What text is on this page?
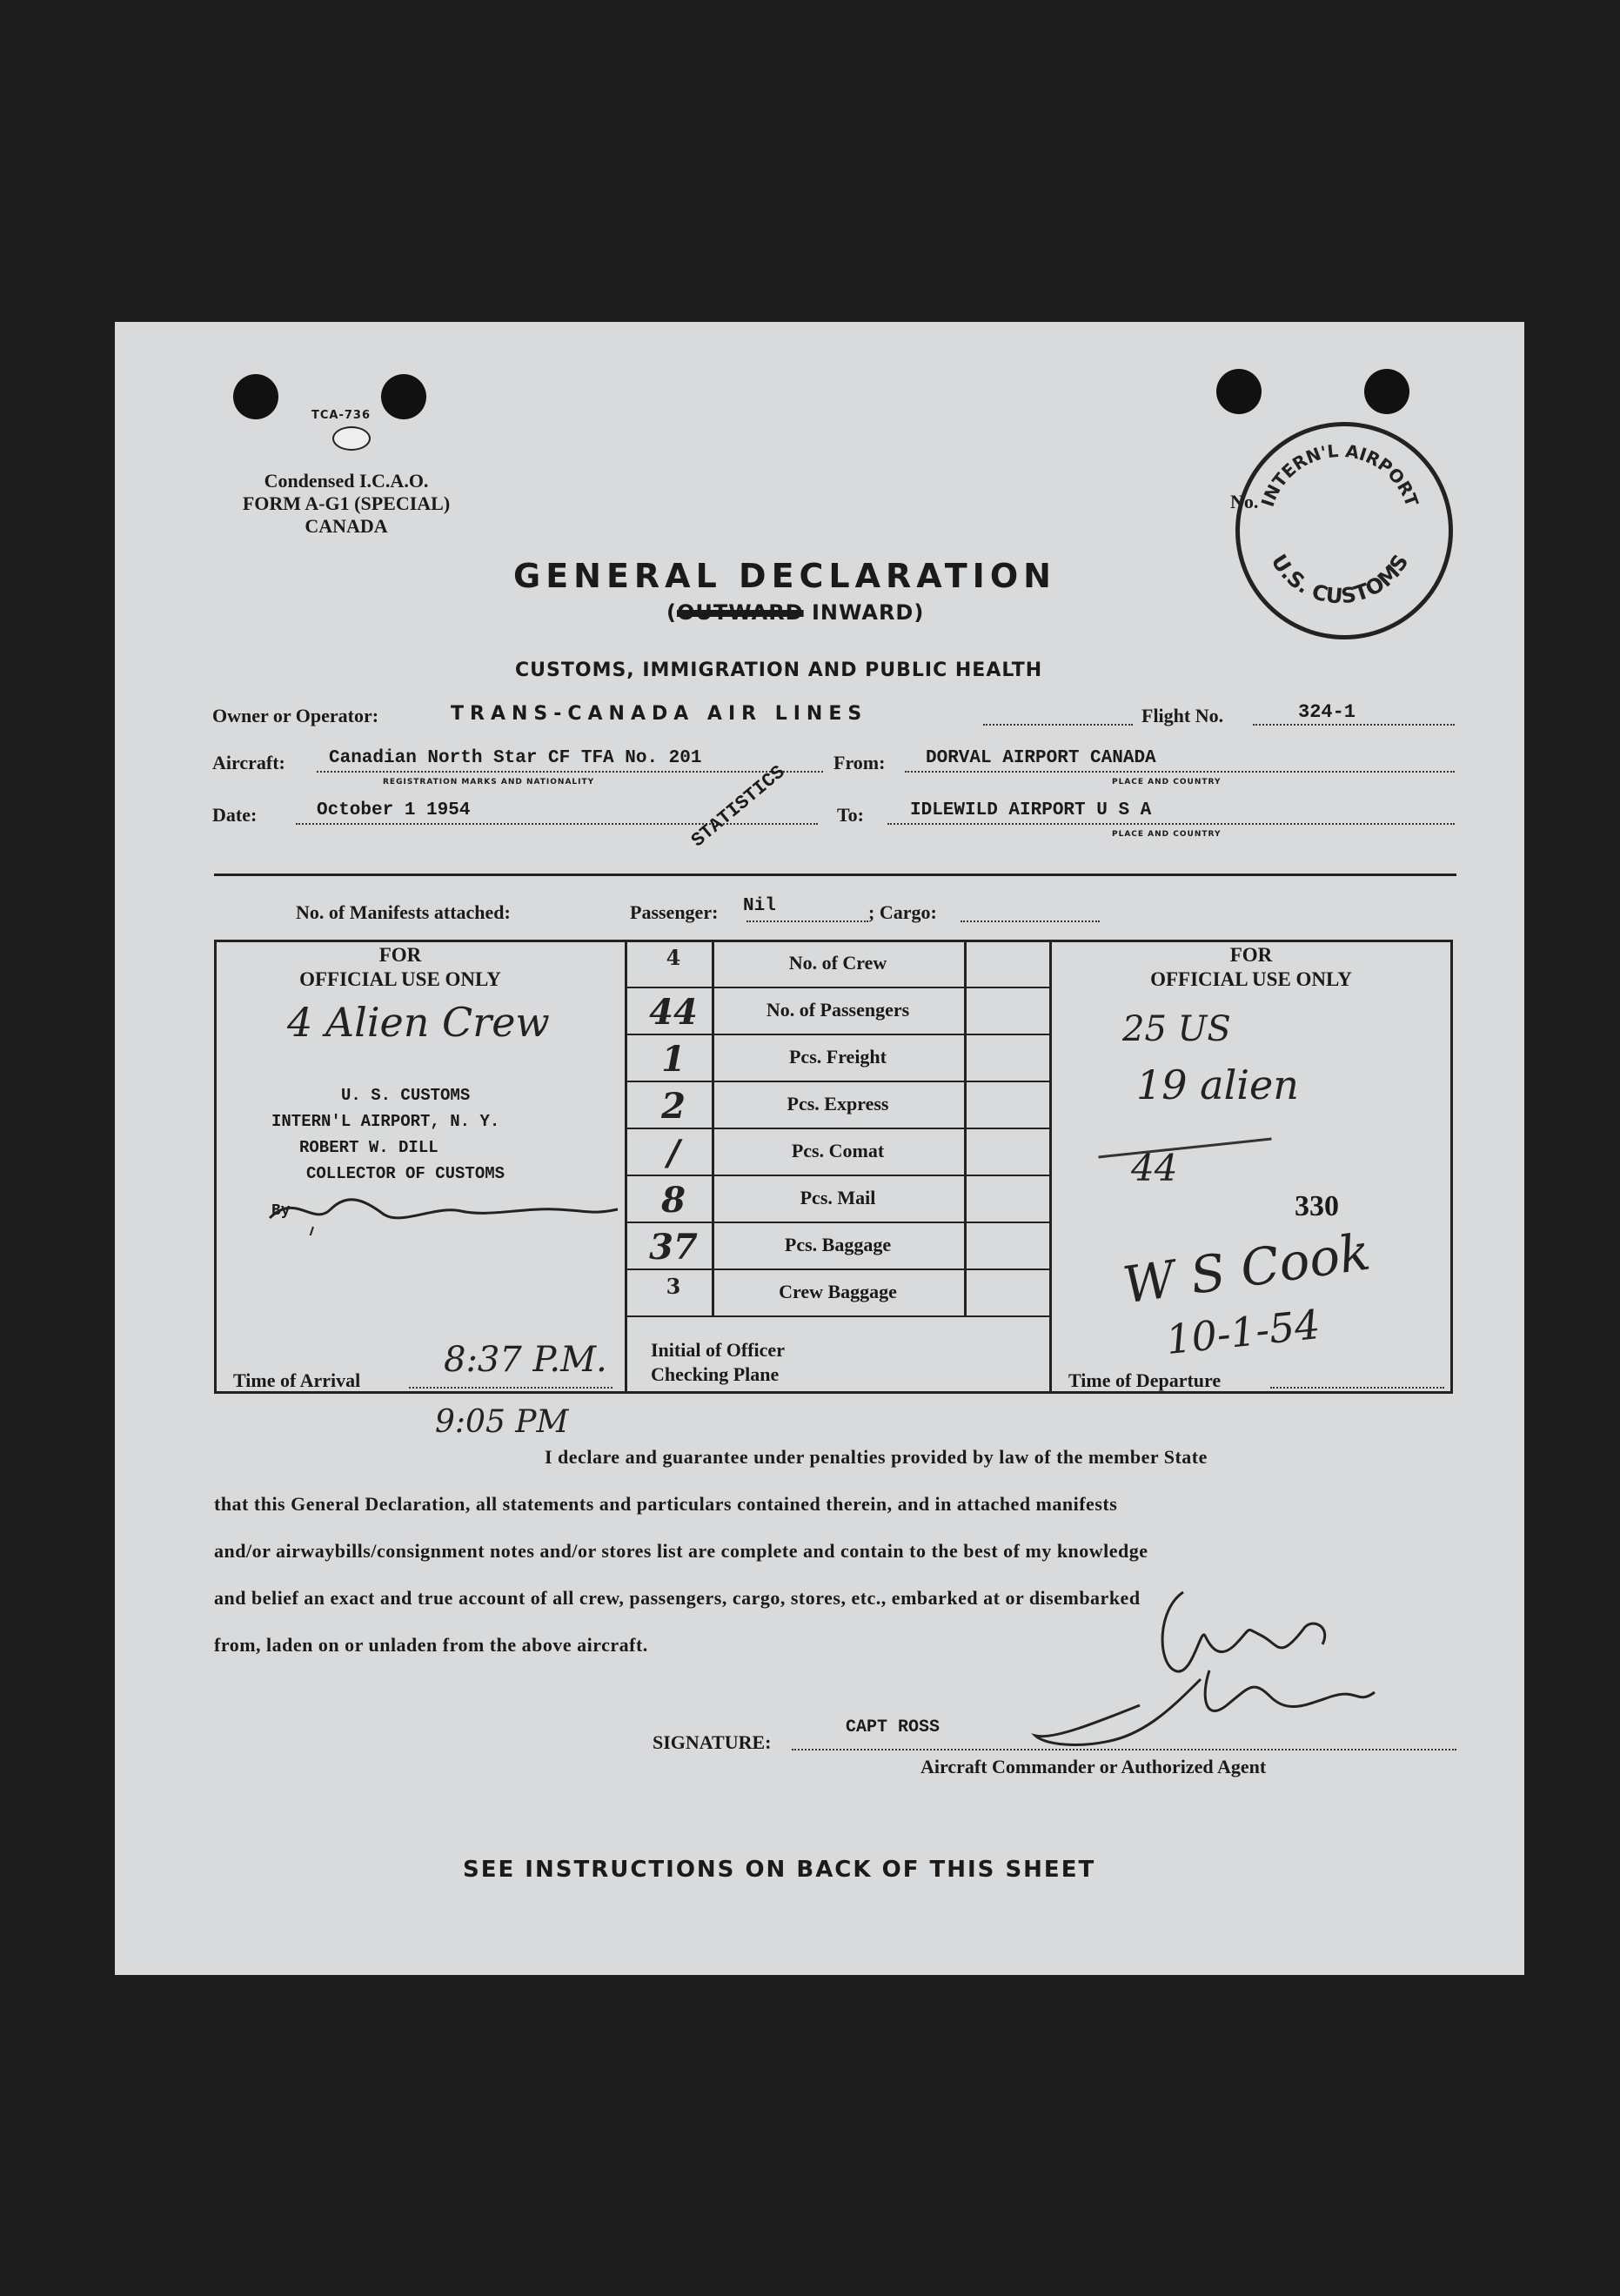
TCA-736
Condensed I.C.A.O.
FORM A-G1 (SPECIAL)
CANADA
No.
INTERN'L AIRPORT
U.S. CUSTOMS
GENERAL DECLARATION
(OUTWARD INWARD)
CUSTOMS, IMMIGRATION AND PUBLIC HEALTH
Owner or Operator:	TRANS-CANADA AIR LINES	Flight No.	324-1
Aircraft: Canadian North Star CF TFA No. 201
REGISTRATION MARKS AND NATIONALITY
From: DORVAL AIRPORT CANADA
PLACE AND COUNTRY
Date:	October 1 1954	STATISTICS To:	IDLEWILD AIRPORT U S A
PLACE AND COUNTRY
No. of Manifests attached:	Passenger: Nil	; Cargo:
FOR
OFFICIAL USE ONLY
FOR
OFFICIAL USE ONLY
4	No. of Crew
44	No. of Passengers
1	Pcs. Freight
2	Pcs. Express
/	Pcs. Comat
8	Pcs. Mail
37	Pcs. Baggage
3	Crew Baggage
4 Alien Crew
U. S. CUSTOMS
INTERN'L AIRPORT, N. Y.
ROBERT W. DILL
COLLECTOR OF CUSTOMS
By
Time of Arrival
8:37 P.M.
9:05 PM
Initial of Officer
Checking Plane
25 US
19 alien
44
330
W S Cook
10-1-54
Time of Departure
I declare and guarantee under penalties provided by law of the member State
that this General Declaration, all statements and particulars contained therein, and in attached manifests
and/or airwaybills/consignment notes and/or stores list are complete and contain to the best of my knowledge
and belief an exact and true account of all crew, passengers, cargo, stores, etc., embarked at or disembarked
from, laden on or unladen from the above aircraft.
SIGNATURE:
CAPT ROSS
Aircraft Commander or Authorized Agent
SEE INSTRUCTIONS ON BACK OF THIS SHEET
